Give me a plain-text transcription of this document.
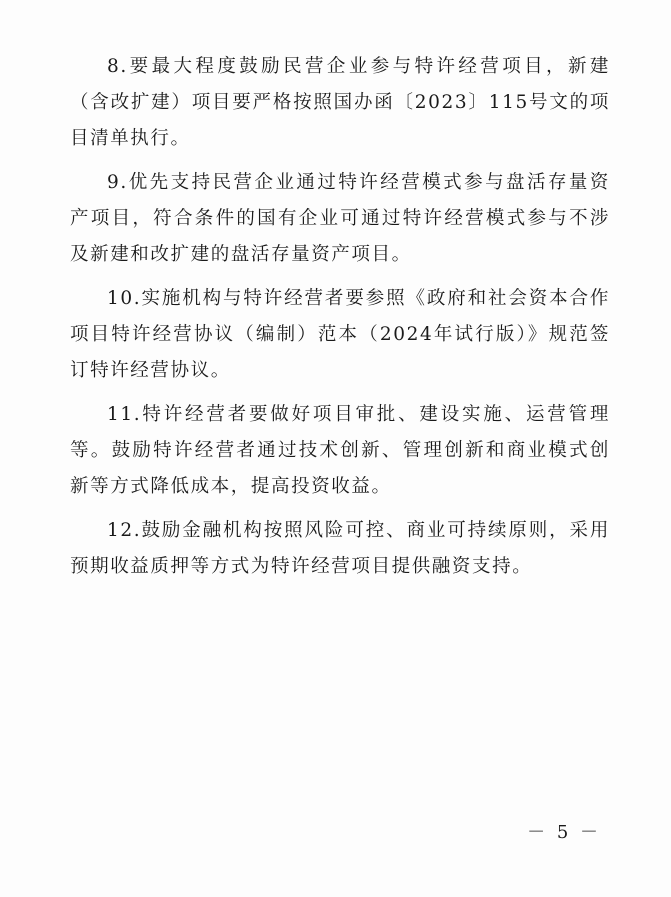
8.要最大程度鼓励民营企业参与特许经营项目，新建（含改扩建）项目要严格按照国办函〔2023〕115号文的项目清单执行。

9.优先支持民营企业通过特许经营模式参与盘活存量资产项目，符合条件的国有企业可通过特许经营模式参与不涉及新建和改扩建的盘活存量资产项目。

10.实施机构与特许经营者要参照《政府和社会资本合作项目特许经营协议（编制）范本（2024年试行版）》规范签订特许经营协议。

11.特许经营者要做好项目审批、建设实施、运营管理等。鼓励特许经营者通过技术创新、管理创新和商业模式创新等方式降低成本，提高投资收益。

12.鼓励金融机构按照风险可控、商业可持续原则，采用预期收益质押等方式为特许经营项目提供融资支持。

－ 5 －
